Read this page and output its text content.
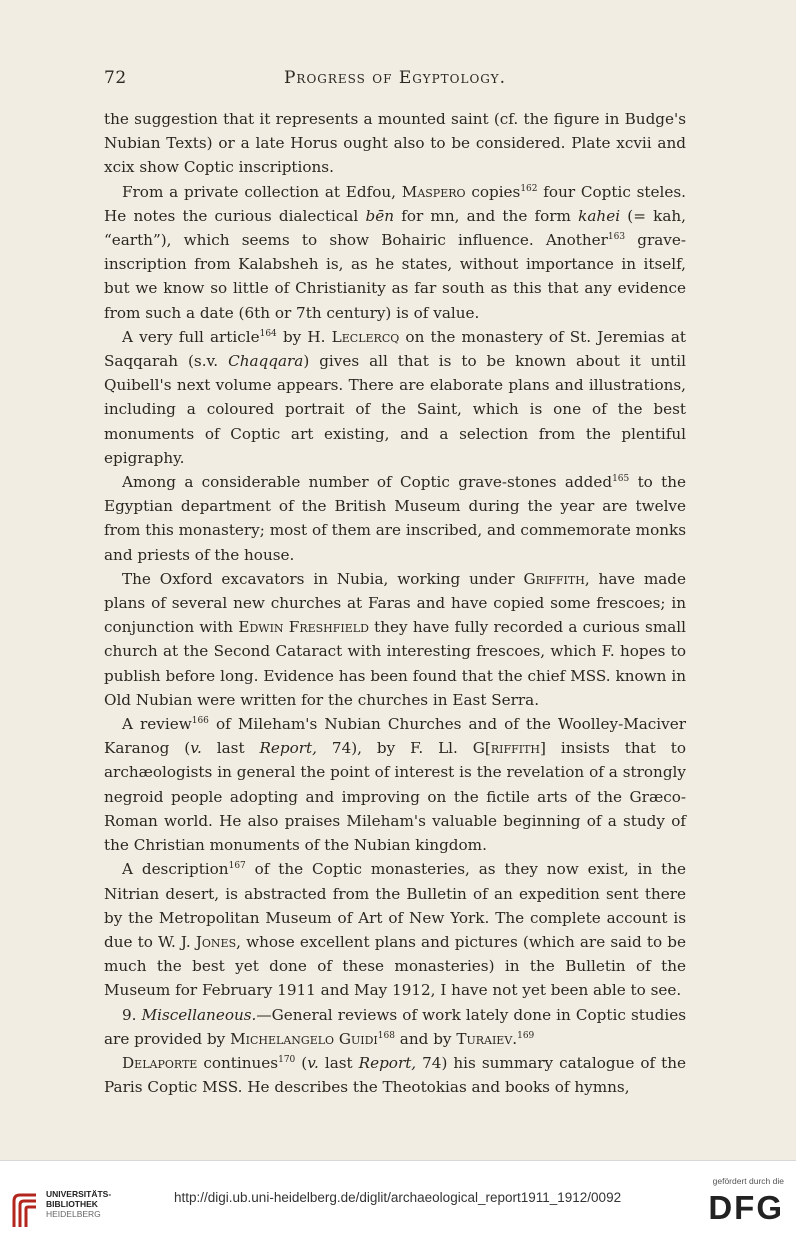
72	Progress of Egyptology.

the suggestion that it represents a mounted saint (cf. the figure in Budge's Nubian Texts) or a late Horus ought also to be considered. Plate xcvii and xcix show Coptic inscriptions.

From a private collection at Edfou, Maspero copies$^{162}$ four Coptic steles. He notes the curious dialectical bēn for mn, and the form kahei (= kah, “earth”), which seems to show Bohairic influence. Another$^{163}$ grave-inscription from Kalabsheh is, as he states, without importance in itself, but we know so little of Christianity as far south as this that any evidence from such a date (6th or 7th century) is of value.

A very full article$^{164}$ by H. Leclercq on the monastery of St. Jeremias at Saqqarah (s.v. Chaqqara) gives all that is to be known about it until Quibell's next volume appears. There are elaborate plans and illustrations, including a coloured portrait of the Saint, which is one of the best monuments of Coptic art existing, and a selection from the plentiful epigraphy.

Among a considerable number of Coptic grave-stones added$^{165}$ to the Egyptian department of the British Museum during the year are twelve from this monastery; most of them are inscribed, and commemorate monks and priests of the house.

The Oxford excavators in Nubia, working under Griffith, have made plans of several new churches at Faras and have copied some frescoes; in conjunction with Edwin Freshfield they have fully recorded a curious small church at the Second Cataract with interesting frescoes, which F. hopes to publish before long. Evidence has been found that the chief MSS. known in Old Nubian were written for the churches in East Serra.

A review$^{166}$ of Mileham's Nubian Churches and of the Woolley-Maciver Karanog (v. last Report, 74), by F. Ll. G[riffith] insists that to archæologists in general the point of interest is the revelation of a strongly negroid people adopting and improving on the fictile arts of the Græco-Roman world. He also praises Mileham's valuable beginning of a study of the Christian monuments of the Nubian kingdom.

A description$^{167}$ of the Coptic monasteries, as they now exist, in the Nitrian desert, is abstracted from the Bulletin of an expedition sent there by the Metropolitan Museum of Art of New York. The complete account is due to W. J. Jones, whose excellent plans and pictures (which are said to be much the best yet done of these monasteries) in the Bulletin of the Museum for February 1911 and May 1912, I have not yet been able to see.

9. Miscellaneous.—General reviews of work lately done in Coptic studies are provided by Michelangelo Guidi$^{168}$ and by Turaiev.$^{169}$

Delaporte continues$^{170}$ (v. last Report, 74) his summary catalogue of the Paris Coptic MSS. He describes the Theotokias and books of hymns,

UNIVERSITÄTS-
BIBLIOTHEK
HEIDELBERG
http://digi.ub.uni-heidelberg.de/diglit/archaeological_report1911_1912/0092
gefördert durch die
DFG
